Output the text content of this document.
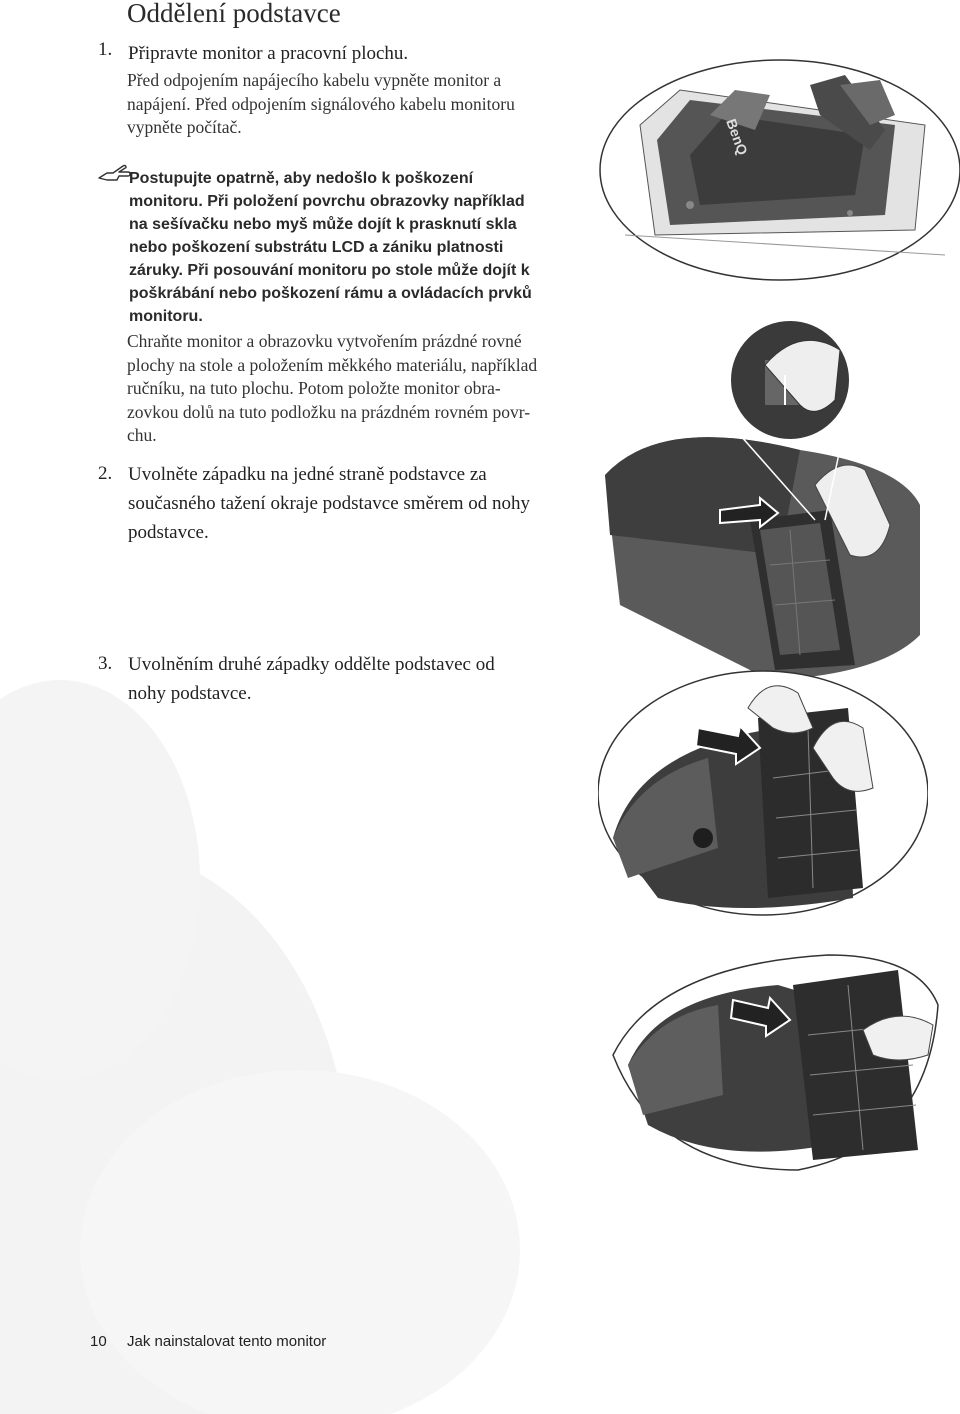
Oddělení podstavce
1. Připravte monitor a pracovní plochu.
Před odpojením napájecího kabelu vypněte monitor a
napájení. Před odpojením signálového kabelu monitoru
vypněte počítač.
Postupujte opatrně, aby nedošlo k poškození
monitoru. Při položení povrchu obrazovky například
na sešívačku nebo myš může dojít k prasknutí skla
nebo poškození substrátu LCD a zániku platnosti
záruky. Při posouvání monitoru po stole může dojít k
poškrábání nebo poškození rámu a ovládacích prvků
monitoru.
Chraňte monitor a obrazovku vytvořením prázdné rovné
plochy na stole a položením měkkého materiálu, například
ručníku, na tuto plochu. Potom položte monitor obra-
zovkou dolů na tuto podložku na prázdném rovném povr-
chu.
2. Uvolněte západku na jedné straně podstavce za
současného tažení okraje podstavce směrem od nohy
podstavce.
3. Uvolněním druhé západky oddělte podstavec od
nohy podstavce.
BenQ
10 Jak nainstalovat tento monitor
